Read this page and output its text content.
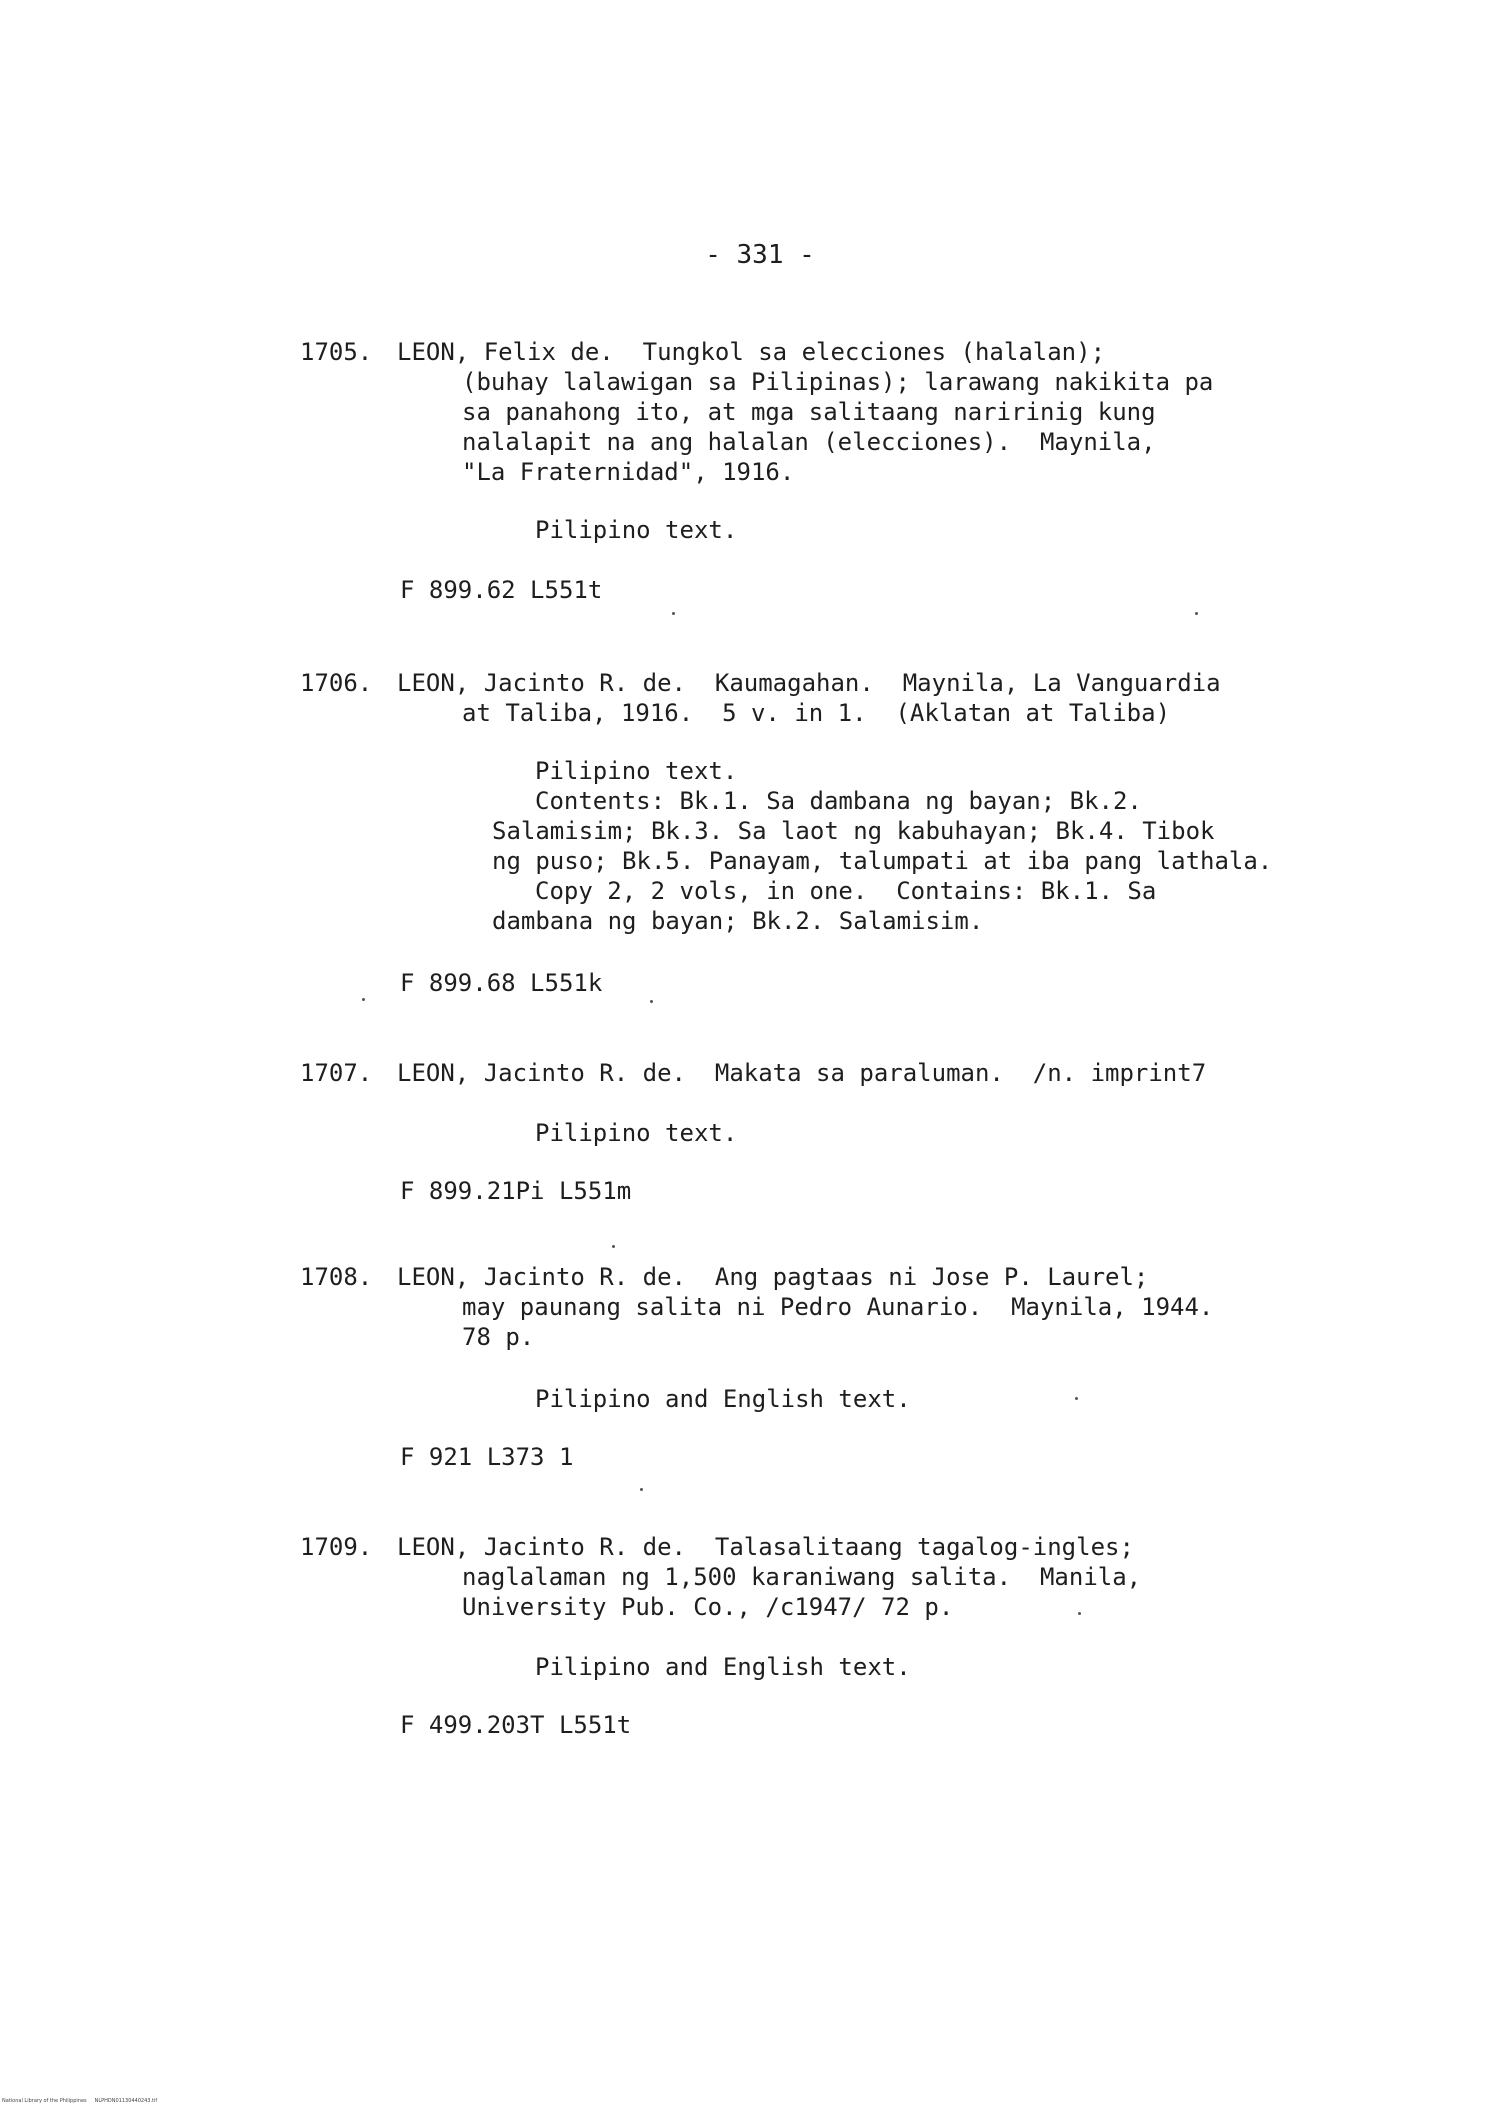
- 331 -
1705. LEON, Felix de.  Tungkol sa elecciones (halalan);
(buhay lalawigan sa Pilipinas); larawang nakikita pa
sa panahong ito, at mga salitaang naririnig kung
nalalapit na ang halalan (elecciones).  Maynila,
"La Fraternidad", 1916.
Pilipino text.
F 899.62 L551t
1706. LEON, Jacinto R. de.  Kaumagahan.  Maynila, La Vanguardia
at Taliba, 1916.  5 v. in 1.  (Aklatan at Taliba)
Pilipino text.
Contents: Bk.1. Sa dambana ng bayan; Bk.2.
Salamisim; Bk.3. Sa laot ng kabuhayan; Bk.4. Tibok
ng puso; Bk.5. Panayam, talumpati at iba pang lathala.
Copy 2, 2 vols, in one.  Contains: Bk.1. Sa
dambana ng bayan; Bk.2. Salamisim.
F 899.68 L551k
1707. LEON, Jacinto R. de.  Makata sa paraluman.  /n. imprint7
Pilipino text.
F 899.21Pi L551m
1708. LEON, Jacinto R. de.  Ang pagtaas ni Jose P. Laurel;
may paunang salita ni Pedro Aunario.  Maynila, 1944.
78 p.
Pilipino and English text.
F 921 L373 1
1709. LEON, Jacinto R. de.  Talasalitaang tagalog-ingles;
naglalaman ng 1,500 karaniwang salita.  Manila,
University Pub. Co., /c1947/ 72 p.
Pilipino and English text.
F 499.203T L551t
National Library of the Philippines     NLPHDN01130440243.tif
